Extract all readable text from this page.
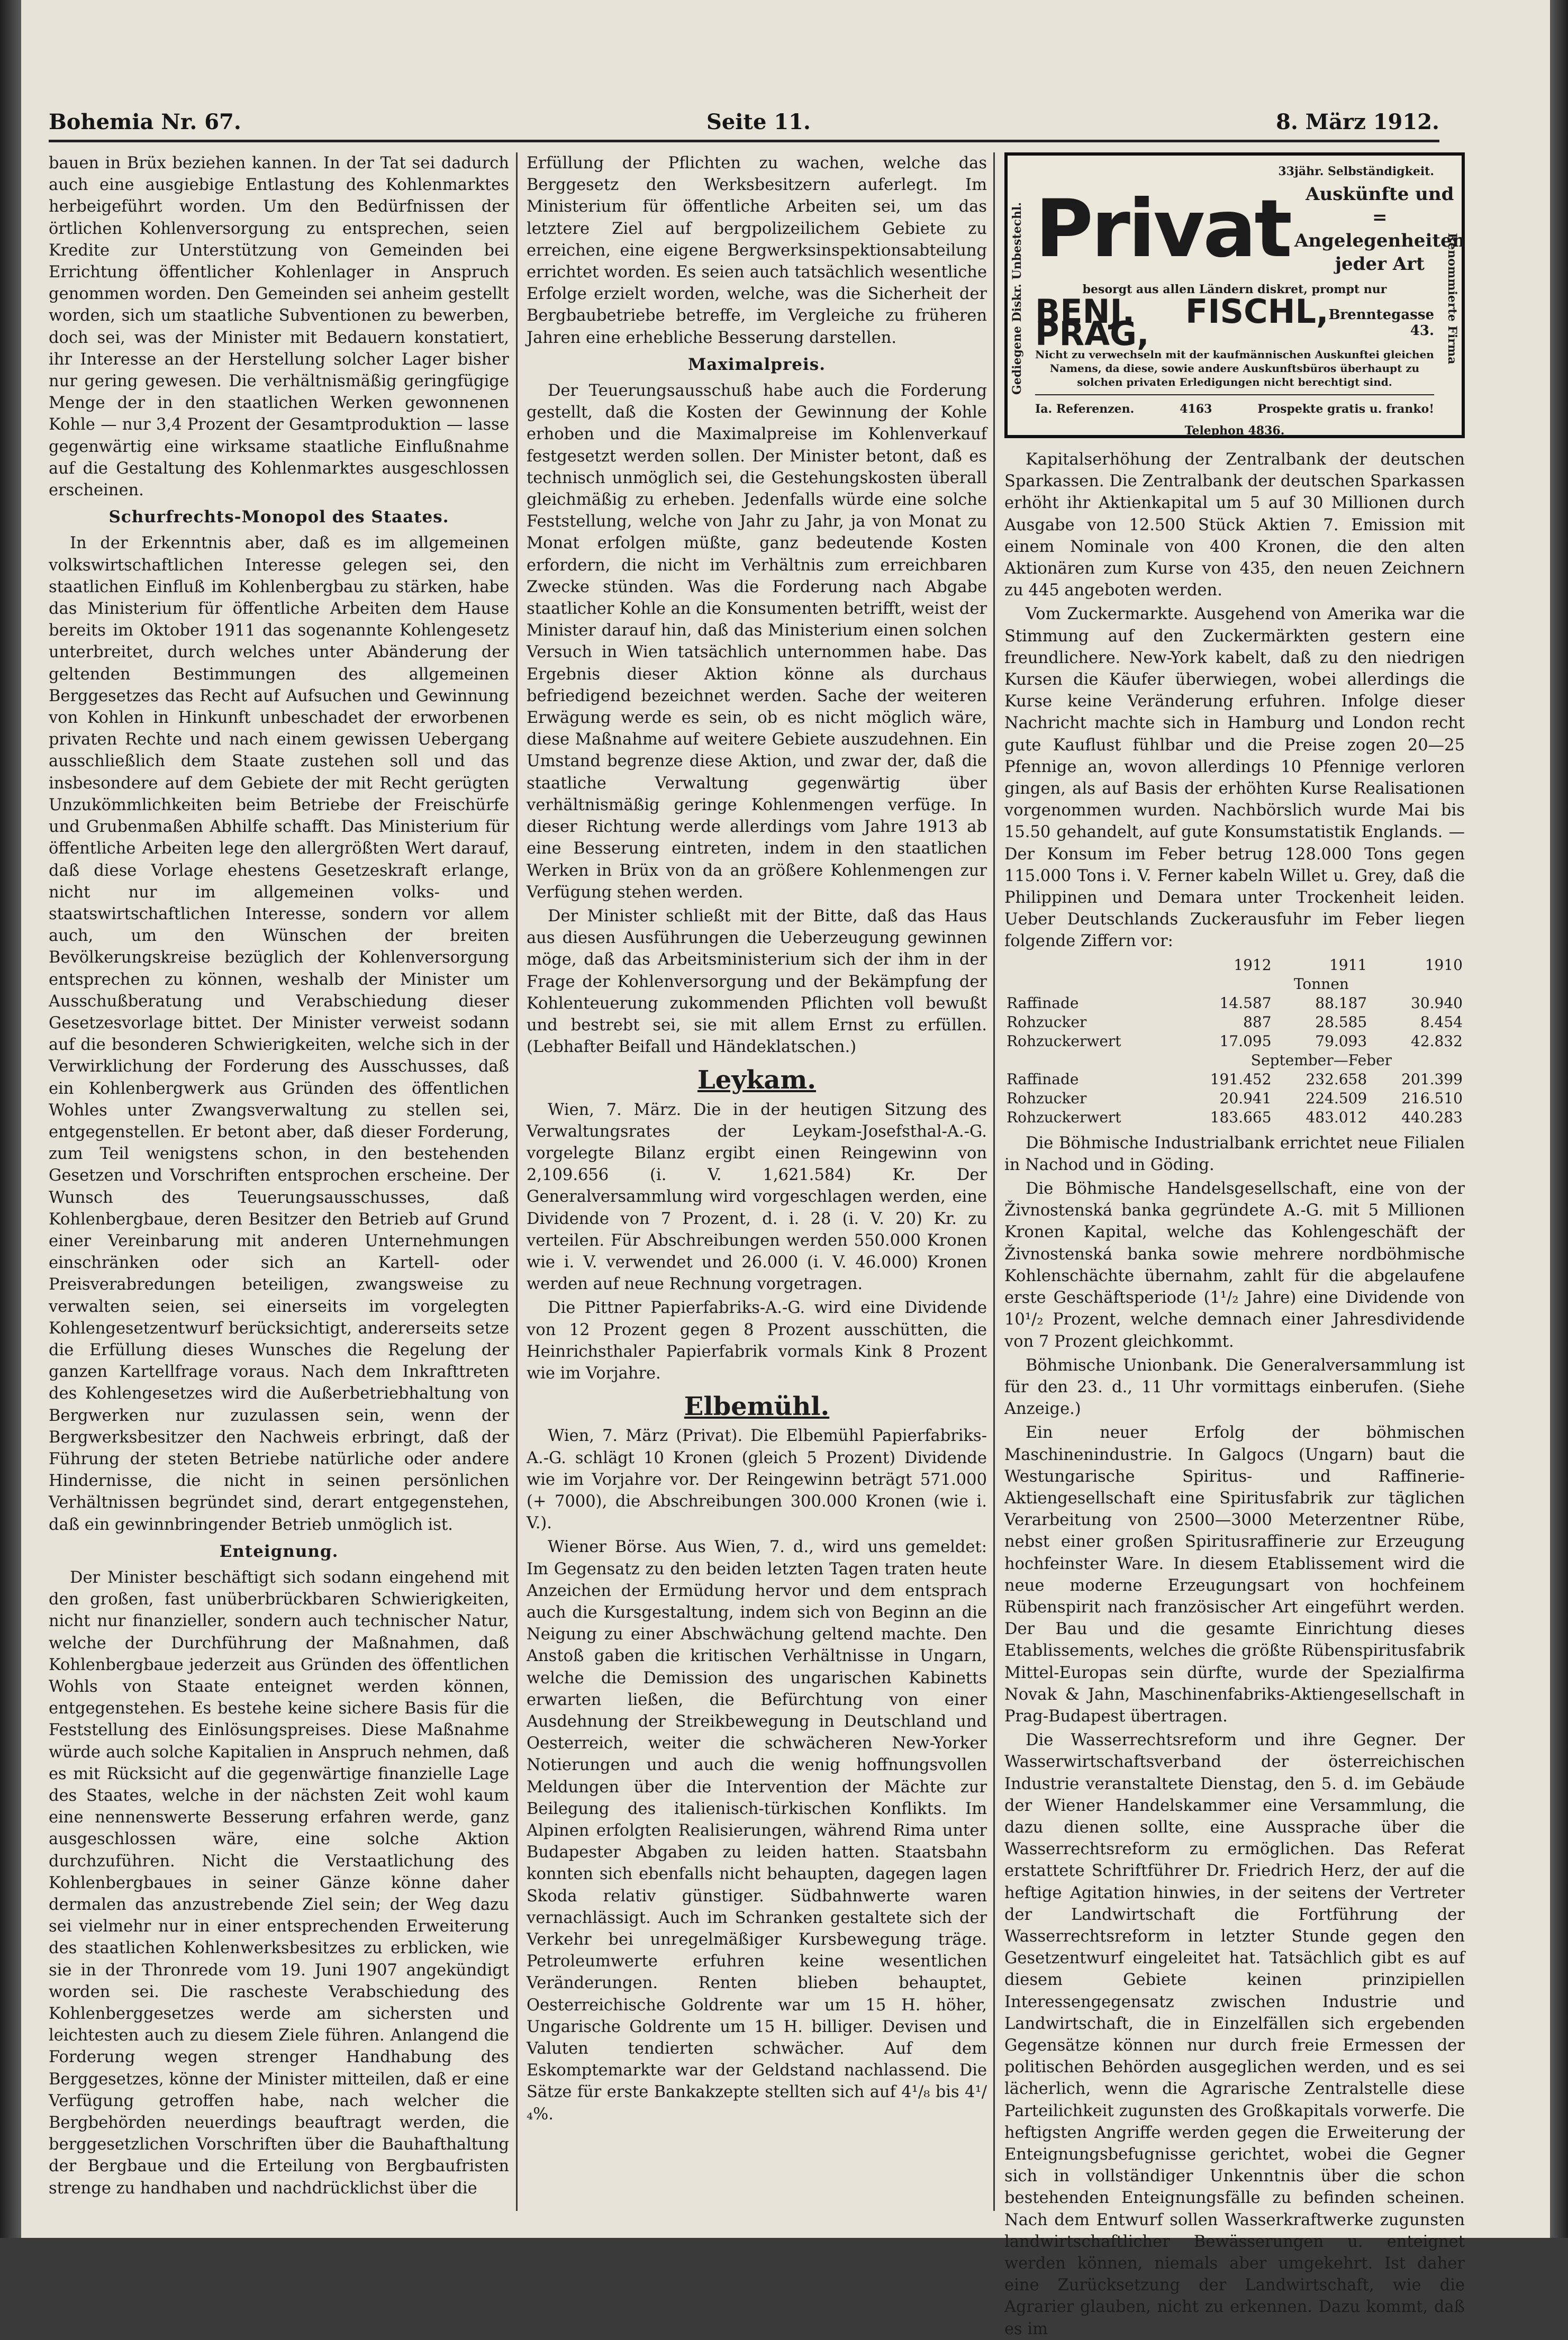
Bohemia Nr. 67.	Seite 11.	8. März 1912.

bauen in Brüx beziehen kannen. In der Tat sei dadurch auch eine ausgiebige Entlastung des Kohlenmarktes herbeigeführt worden. Um den Bedürfnissen der örtlichen Kohlenversorgung zu entsprechen, seien Kredite zur Unterstützung von Gemeinden bei Errichtung öffentlicher Kohlenlager in Anspruch genommen worden. Den Gemeinden sei anheim gestellt worden, sich um staatliche Subventionen zu bewerben, doch sei, was der Minister mit Bedauern konstatiert, ihr Interesse an der Herstellung solcher Lager bisher nur gering gewesen. Die verhältnismäßig geringfügige Menge der in den staatlichen Werken gewonnenen Kohle — nur 3,4 Prozent der Gesamtproduktion — lasse gegenwärtig eine wirksame staatliche Einflußnahme auf die Gestaltung des Kohlenmarktes ausgeschlossen erscheinen.

Schurfrechts-Monopol des Staates.

In der Erkenntnis aber, daß es im allgemeinen volkswirtschaftlichen Interesse gelegen sei, den staatlichen Einfluß im Kohlenbergbau zu stärken, habe das Ministerium für öffentliche Arbeiten dem Hause bereits im Oktober 1911 das sogenannte Kohlengesetz unterbreitet, durch welches unter Abänderung der geltenden Bestimmungen des allgemeinen Berggesetzes das Recht auf Aufsuchen und Gewinnung von Kohlen in Hinkunft unbeschadet der erworbenen privaten Rechte und nach einem gewissen Uebergang ausschließlich dem Staate zustehen soll und das insbesondere auf dem Gebiete der mit Recht gerügten Unzukömmlichkeiten beim Betriebe der Freischürfe und Grubenmaßen Abhilfe schafft. Das Ministerium für öffentliche Arbeiten lege den allergrößten Wert darauf, daß diese Vorlage ehestens Gesetzeskraft erlange, nicht nur im allgemeinen volks- und staatswirtschaftlichen Interesse, sondern vor allem auch, um den Wünschen der breiten Bevölkerungskreise bezüglich der Kohlenversorgung entsprechen zu können, weshalb der Minister um Ausschußberatung und Verabschiedung dieser Gesetzesvorlage bittet. Der Minister verweist sodann auf die besonderen Schwierigkeiten, welche sich in der Verwirklichung der Forderung des Ausschusses, daß ein Kohlenbergwerk aus Gründen des öffentlichen Wohles unter Zwangsverwaltung zu stellen sei, entgegenstellen. Er betont aber, daß dieser Forderung, zum Teil wenigstens schon, in den bestehenden Gesetzen und Vorschriften entsprochen erscheine. Der Wunsch des Teuerungsausschusses, daß Kohlenbergbaue, deren Besitzer den Betrieb auf Grund einer Vereinbarung mit anderen Unternehmungen einschränken oder sich an Kartell- oder Preisverabredungen beteiligen, zwangsweise zu verwalten seien, sei einerseits im vorgelegten Kohlengesetzentwurf berücksichtigt, andererseits setze die Erfüllung dieses Wunsches die Regelung der ganzen Kartellfrage voraus. Nach dem Inkrafttreten des Kohlengesetzes wird die Außerbetriebhaltung von Bergwerken nur zuzulassen sein, wenn der Bergwerksbesitzer den Nachweis erbringt, daß der Führung der steten Betriebe natürliche oder andere Hindernisse, die nicht in seinen persönlichen Verhältnissen begründet sind, derart entgegenstehen, daß ein gewinnbringender Betrieb unmöglich ist.

Enteignung.

Der Minister beschäftigt sich sodann eingehend mit den großen, fast unüberbrückbaren Schwierigkeiten, nicht nur finanzieller, sondern auch technischer Natur, welche der Durchführung der Maßnahmen, daß Kohlenbergbaue jederzeit aus Gründen des öffentlichen Wohls von Staate enteignet werden können, entgegenstehen. Es bestehe keine sichere Basis für die Feststellung des Einlösungspreises. Diese Maßnahme würde auch solche Kapitalien in Anspruch nehmen, daß es mit Rücksicht auf die gegenwärtige finanzielle Lage des Staates, welche in der nächsten Zeit wohl kaum eine nennenswerte Besserung erfahren werde, ganz ausgeschlossen wäre, eine solche Aktion durchzuführen. Nicht die Verstaatlichung des Kohlenbergbaues in seiner Gänze könne daher dermalen das anzustrebende Ziel sein; der Weg dazu sei vielmehr nur in einer entsprechenden Erweiterung des staatlichen Kohlenwerksbesitzes zu erblicken, wie sie in der Thronrede vom 19. Juni 1907 angekündigt worden sei. Die rascheste Verabschiedung des Kohlenberggesetzes werde am sichersten und leichtesten auch zu diesem Ziele führen. Anlangend die Forderung wegen strenger Handhabung des Berggesetzes, könne der Minister mitteilen, daß er eine Verfügung getroffen habe, nach welcher die Bergbehörden neuerdings beauftragt werden, die berggesetzlichen Vorschriften über die Bauhafthaltung der Bergbaue und die Erteilung von Bergbaufristen strenge zu handhaben und nachdrücklichst über die

Erfüllung der Pflichten zu wachen, welche das Berggesetz den Werksbesitzern auferlegt. Im Ministerium für öffentliche Arbeiten sei, um das letztere Ziel auf bergpolizeilichem Gebiete zu erreichen, eine eigene Bergwerksinspektionsabteilung errichtet worden. Es seien auch tatsächlich wesentliche Erfolge erzielt worden, welche, was die Sicherheit der Bergbaubetriebe betreffe, im Vergleiche zu früheren Jahren eine erhebliche Besserung darstellen.

Maximalpreis.

Der Teuerungsausschuß habe auch die Forderung gestellt, daß die Kosten der Gewinnung der Kohle erhoben und die Maximalpreise im Kohlenverkauf festgesetzt werden sollen. Der Minister betont, daß es technisch unmöglich sei, die Gestehungskosten überall gleichmäßig zu erheben. Jedenfalls würde eine solche Feststellung, welche von Jahr zu Jahr, ja von Monat zu Monat erfolgen müßte, ganz bedeutende Kosten erfordern, die nicht im Verhältnis zum erreichbaren Zwecke stünden. Was die Forderung nach Abgabe staatlicher Kohle an die Konsumenten betrifft, weist der Minister darauf hin, daß das Ministerium einen solchen Versuch in Wien tatsächlich unternommen habe. Das Ergebnis dieser Aktion könne als durchaus befriedigend bezeichnet werden. Sache der weiteren Erwägung werde es sein, ob es nicht möglich wäre, diese Maßnahme auf weitere Gebiete auszudehnen. Ein Umstand begrenze diese Aktion, und zwar der, daß die staatliche Verwaltung gegenwärtig über verhältnismäßig geringe Kohlenmengen verfüge. In dieser Richtung werde allerdings vom Jahre 1913 ab eine Besserung eintreten, indem in den staatlichen Werken in Brüx von da an größere Kohlenmengen zur Verfügung stehen werden.

Der Minister schließt mit der Bitte, daß das Haus aus diesen Ausführungen die Ueberzeugung gewinnen möge, daß das Arbeitsministerium sich der ihm in der Frage der Kohlenversorgung und der Bekämpfung der Kohlenteuerung zukommenden Pflichten voll bewußt und bestrebt sei, sie mit allem Ernst zu erfüllen. (Lebhafter Beifall und Händeklatschen.)

Leykam.

Wien, 7. März. Die in der heutigen Sitzung des Verwaltungsrates der Leykam-Josefsthal-A.-G. vorgelegte Bilanz ergibt einen Reingewinn von 2,109.656 (i. V. 1,621.584) Kr. Der Generalversammlung wird vorgeschlagen werden, eine Dividende von 7 Prozent, d. i. 28 (i. V. 20) Kr. zu verteilen. Für Abschreibungen werden 550.000 Kronen wie i. V. verwendet und 26.000 (i. V. 46.000) Kronen werden auf neue Rechnung vorgetragen.

Die Pittner Papierfabriks-A.-G. wird eine Dividende von 12 Prozent gegen 8 Prozent ausschütten, die Heinrichsthaler Papierfabrik vormals Kink 8 Prozent wie im Vorjahre.

Elbemühl.

Wien, 7. März (Privat). Die Elbemühl Papierfabriks-A.-G. schlägt 10 Kronen (gleich 5 Prozent) Dividende wie im Vorjahre vor. Der Reingewinn beträgt 571.000 (+ 7000), die Abschreibungen 300.000 Kronen (wie i. V.).

Wiener Börse. Aus Wien, 7. d., wird uns gemeldet: Im Gegensatz zu den beiden letzten Tagen traten heute Anzeichen der Ermüdung hervor und dem entsprach auch die Kursgestaltung, indem sich von Beginn an die Neigung zu einer Abschwächung geltend machte. Den Anstoß gaben die kritischen Verhältnisse in Ungarn, welche die Demission des ungarischen Kabinetts erwarten ließen, die Befürchtung von einer Ausdehnung der Streikbewegung in Deutschland und Oesterreich, weiter die schwächeren New-Yorker Notierungen und auch die wenig hoffnungsvollen Meldungen über die Intervention der Mächte zur Beilegung des italienisch-türkischen Konflikts. Im Alpinen erfolgten Realisierungen, während Rima unter Budapester Abgaben zu leiden hatten. Staatsbahn konnten sich ebenfalls nicht behaupten, dagegen lagen Skoda relativ günstiger. Südbahnwerte waren vernachlässigt. Auch im Schranken gestaltete sich der Verkehr bei unregelmäßiger Kursbewegung träge. Petroleumwerte erfuhren keine wesentlichen Veränderungen. Renten blieben behauptet, Oesterreichische Goldrente war um 15 H. höher, Ungarische Goldrente um 15 H. billiger. Devisen und Valuten tendierten schwächer. Auf dem Eskomptemarkte war der Geldstand nachlassend. Die Sätze für erste Bankakzepte stellten sich auf 4¹/₈ bis 4¹/₄%.

Gediegene Diskr. Unbestechl.	Renommierte Firma
33jähr. Selbständigkeit.
Privat Auskünfte und
= Angelegenheiten
jeder Art
besorgt aus allen Ländern diskret, prompt nur
BENJ. FISCHL, PRAG,	Brenntegasse 43.
Nicht zu verwechseln mit der kaufmännischen Auskunftei gleichen Namens, da diese, sowie andere Auskunftsbüros überhaupt zu solchen privaten Erledigungen nicht berechtigt sind.
Ia. Referenzen.	4163	Prospekte gratis u. franko!
Telephon 4836.

Kapitalserhöhung der Zentralbank der deutschen Sparkassen. Die Zentralbank der deutschen Sparkassen erhöht ihr Aktienkapital um 5 auf 30 Millionen durch Ausgabe von 12.500 Stück Aktien 7. Emission mit einem Nominale von 400 Kronen, die den alten Aktionären zum Kurse von 435, den neuen Zeichnern zu 445 angeboten werden.

Vom Zuckermarkte. Ausgehend von Amerika war die Stimmung auf den Zuckermärkten gestern eine freundlichere. New-York kabelt, daß zu den niedrigen Kursen die Käufer überwiegen, wobei allerdings die Kurse keine Veränderung erfuhren. Infolge dieser Nachricht machte sich in Hamburg und London recht gute Kauflust fühlbar und die Preise zogen 20—25 Pfennige an, wovon allerdings 10 Pfennige verloren gingen, als auf Basis der erhöhten Kurse Realisationen vorgenommen wurden. Nachbörslich wurde Mai bis 15.50 gehandelt, auf gute Konsumstatistik Englands. — Der Konsum im Feber betrug 128.000 Tons gegen 115.000 Tons i. V. Ferner kabeln Willet u. Grey, daß die Philippinen und Demara unter Trockenheit leiden. Ueber Deutschlands Zuckerausfuhr im Feber liegen folgende Ziffern vor:

	1912	1911	1910
	Tonnen		
Raffinade	14.587	88.187	30.940
Rohzucker	887	28.585	8.454
Rohzuckerwert	17.095	79.093	42.832
	September—Feber		
Raffinade	191.452	232.658	201.399
Rohzucker	20.941	224.509	216.510
Rohzuckerwert	183.665	483.012	440.283

Die Böhmische Industrialbank errichtet neue Filialen in Nachod und in Göding.

Die Böhmische Handelsgesellschaft, eine von der Živnostenská banka gegründete A.-G. mit 5 Millionen Kronen Kapital, welche das Kohlengeschäft der Živnostenská banka sowie mehrere nordböhmische Kohlenschächte übernahm, zahlt für die abgelaufene erste Geschäftsperiode (1¹/₂ Jahre) eine Dividende von 10¹/₂ Prozent, welche demnach einer Jahresdividende von 7 Prozent gleichkommt.

Böhmische Unionbank. Die Generalversammlung ist für den 23. d., 11 Uhr vormittags einberufen. (Siehe Anzeige.)

Ein neuer Erfolg der böhmischen Maschinenindustrie. In Galgocs (Ungarn) baut die Westungarische Spiritus- und Raffinerie-Aktiengesellschaft eine Spiritusfabrik zur täglichen Verarbeitung von 2500—3000 Meterzentner Rübe, nebst einer großen Spiritusraffinerie zur Erzeugung hochfeinster Ware. In diesem Etablissement wird die neue moderne Erzeugungsart von hochfeinem Rübenspirit nach französischer Art eingeführt werden. Der Bau und die gesamte Einrichtung dieses Etablissements, welches die größte Rübenspiritusfabrik Mittel-Europas sein dürfte, wurde der Spezialfirma Novak & Jahn, Maschinenfabriks-Aktiengesellschaft in Prag-Budapest übertragen.

Die Wasserrechtsreform und ihre Gegner. Der Wasserwirtschaftsverband der österreichischen Industrie veranstaltete Dienstag, den 5. d. im Gebäude der Wiener Handelskammer eine Versammlung, die dazu dienen sollte, eine Aussprache über die Wasserrechtsreform zu ermöglichen. Das Referat erstattete Schriftführer Dr. Friedrich Herz, der auf die heftige Agitation hinwies, in der seitens der Vertreter der Landwirtschaft die Fortführung der Wasserrechtsreform in letzter Stunde gegen den Gesetzentwurf eingeleitet hat. Tatsächlich gibt es auf diesem Gebiete keinen prinzipiellen Interessengegensatz zwischen Industrie und Landwirtschaft, die in Einzelfällen sich ergebenden Gegensätze können nur durch freie Ermessen der politischen Behörden ausgeglichen werden, und es sei lächerlich, wenn die Agrarische Zentralstelle diese Parteilichkeit zugunsten des Großkapitals vorwerfe. Die heftigsten Angriffe werden gegen die Erweiterung der Enteignungsbefugnisse gerichtet, wobei die Gegner sich in vollständiger Unkenntnis über die schon bestehenden Enteignungsfälle zu befinden scheinen. Nach dem Entwurf sollen Wasserkraftwerke zugunsten landwirtschaftlicher Bewässerungen u. enteignet werden können, niemals aber umgekehrt. Ist daher eine Zurücksetzung der Landwirtschaft, wie die Agrarier glauben, nicht zu erkennen. Dazu kommt, daß es im
